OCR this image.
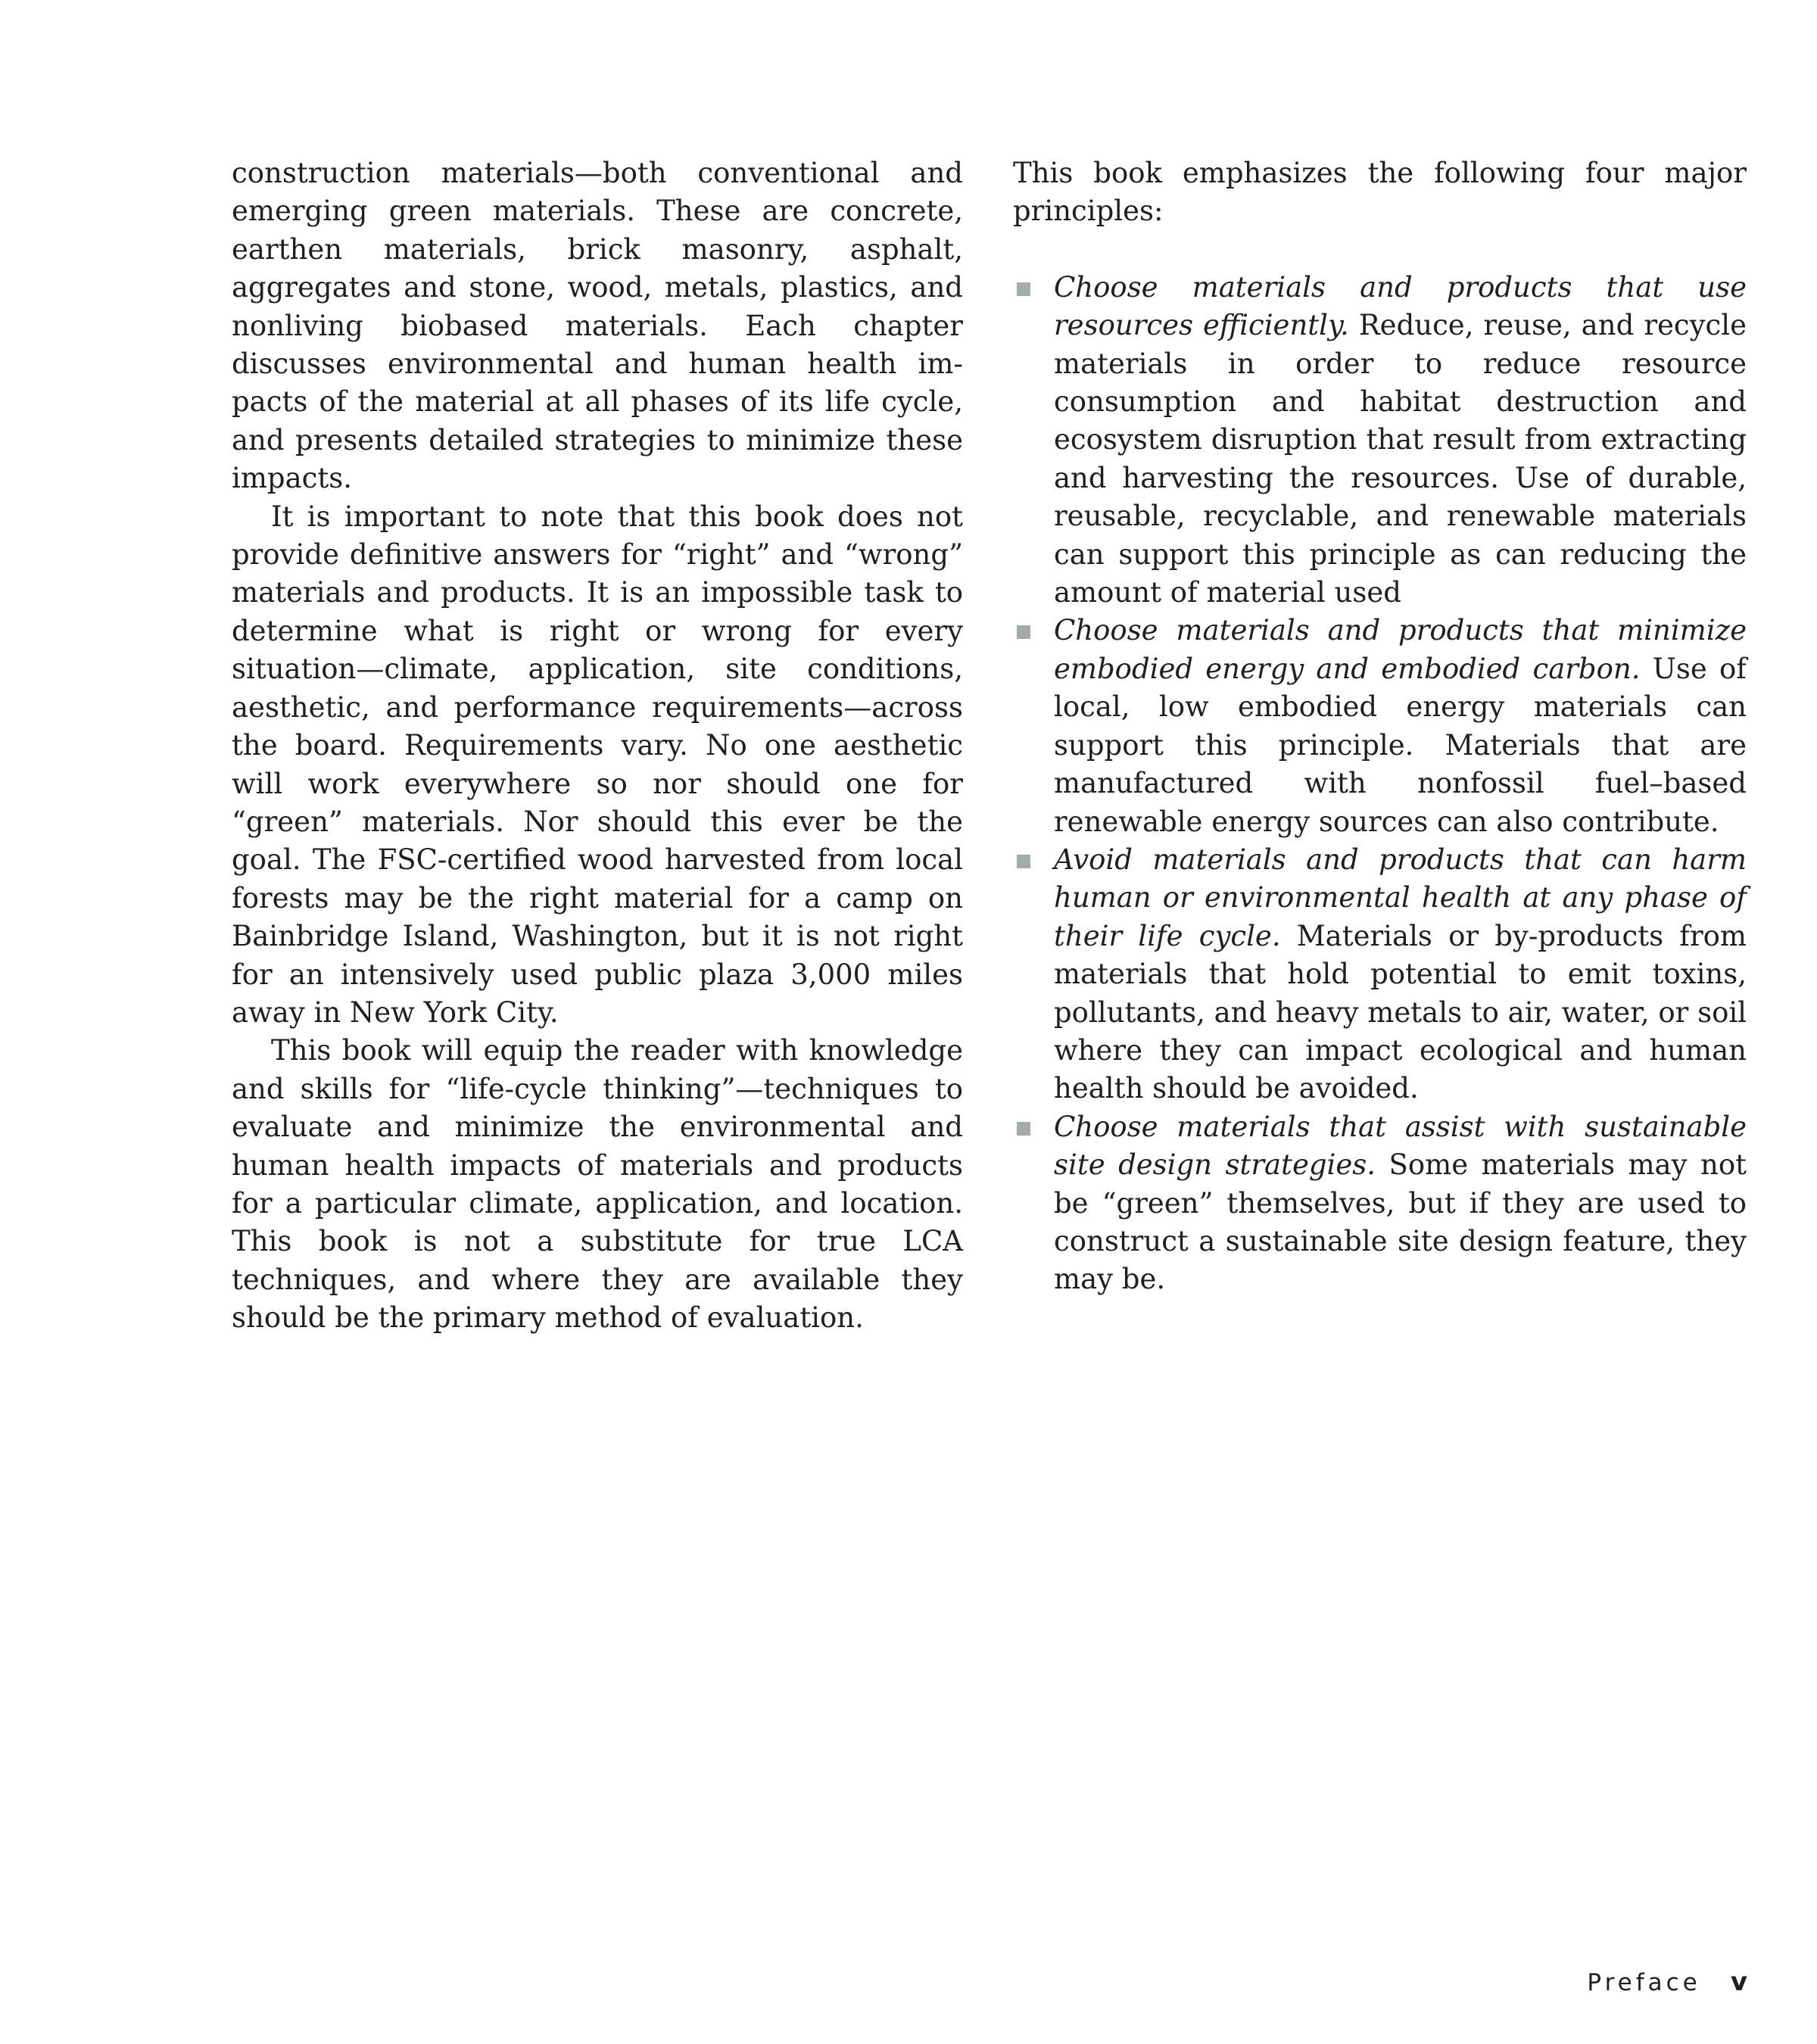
construction materials—both conventional and emerging green materials. These are concrete, earthen materials, brick masonry, asphalt, aggregates and stone, wood, metals, plastics, and nonliving biobased materials. Each chapter discusses environmental and human health impacts of the material at all phases of its life cycle, and presents detailed strategies to minimize these impacts.

It is important to note that this book does not provide definitive answers for “right” and “wrong” materials and products. It is an impossible task to determine what is right or wrong for every situation—climate, application, site conditions, aesthetic, and performance requirements—across the board. Requirements vary. No one aesthetic will work everywhere so nor should one for “green” materials. Nor should this ever be the goal. The FSC-certified wood harvested from local forests may be the right material for a camp on Bainbridge Island, Washington, but it is not right for an intensively used public plaza 3,000 miles away in New York City.

This book will equip the reader with knowledge and skills for “life-cycle thinking”—techniques to evaluate and minimize the environmental and human health impacts of materials and products for a particular climate, application, and location. This book is not a substitute for true LCA techniques, and where they are available they should be the primary method of evaluation.

This book emphasizes the following four major principles:

Choose materials and products that use resources efficiently. Reduce, reuse, and recycle materials in order to reduce resource consumption and habitat destruction and ecosystem disruption that result from extracting and harvesting the resources. Use of durable, reusable, recyclable, and renewable materials can support this principle as can reducing the amount of material used
Choose materials and products that minimize embodied energy and embodied carbon. Use of local, low embodied energy materials can support this principle. Materials that are manufactured with nonfossil fuel–based renewable energy sources can also contribute.
Avoid materials and products that can harm human or environmental health at any phase of their life cycle. Materials or by-products from materials that hold potential to emit toxins, pollutants, and heavy metals to air, water, or soil where they can impact ecological and human health should be avoided.
Choose materials that assist with sustainable site design strategies. Some materials may not be “green” themselves, but if they are used to construct a sustainable site design feature, they may be.
Preface v
